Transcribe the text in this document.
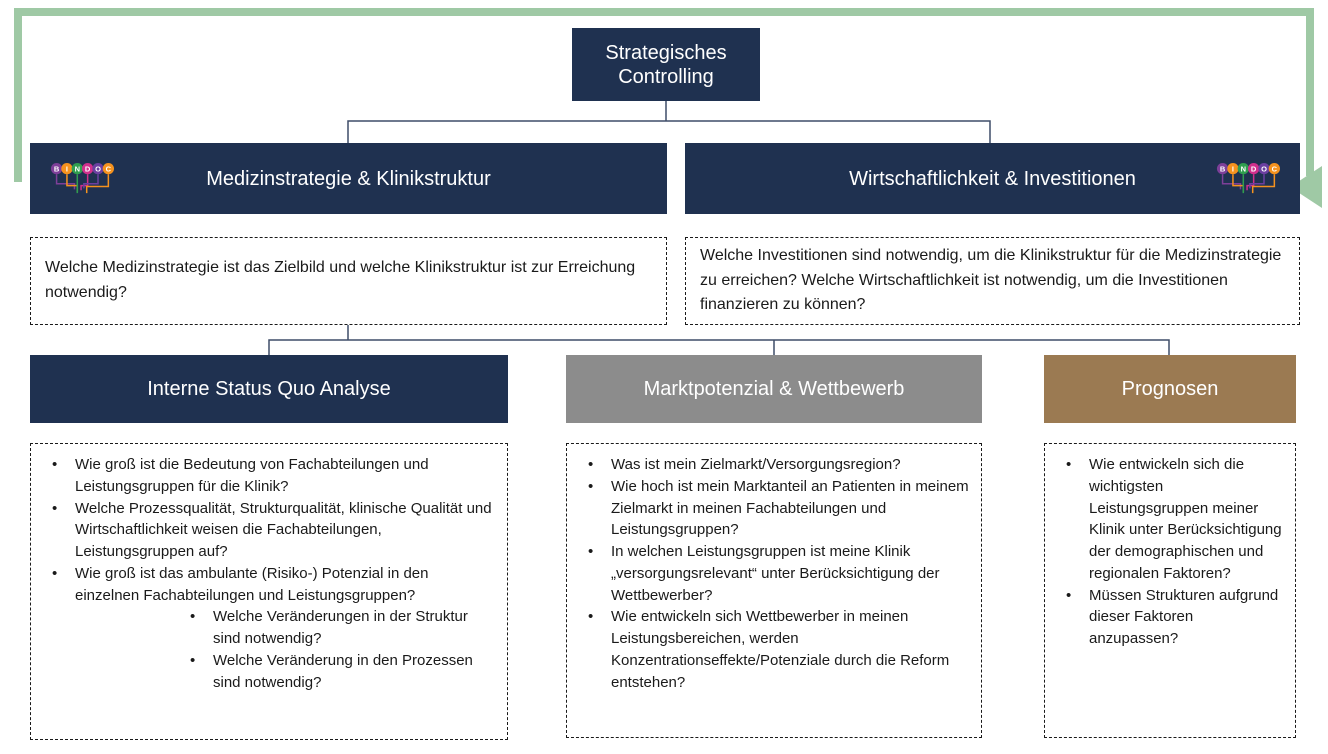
Strategisches Controlling
B I N D O C	Medizinstrategie & Klinikstruktur	Wirtschaftlichkeit & Investitionen	B I N D O C
Welche Medizinstrategie ist das Zielbild und welche Klinikstruktur ist zur Erreichung notwendig?
Welche Investitionen sind notwendig, um die Klinikstruktur für die Medizinstrategie zu erreichen? Welche Wirtschaftlichkeit ist notwendig, um die Investitionen finanzieren zu können?
Interne Status Quo Analyse	Marktpotenzial & Wettbewerb	Prognosen
• Wie groß ist die Bedeutung von Fachabteilungen und Leistungsgruppen für die Klinik?
• Welche Prozessqualität, Strukturqualität, klinische Qualität und Wirtschaftlichkeit weisen die Fachabteilungen, Leistungsgruppen auf?
• Wie groß ist das ambulante (Risiko-) Potenzial in den einzelnen Fachabteilungen und Leistungsgruppen?
• Welche Veränderungen in der Struktur sind notwendig?
• Welche Veränderung in den Prozessen sind notwendig?
• Was ist mein Zielmarkt/Versorgungsregion?
• Wie hoch ist mein Marktanteil an Patienten in meinem Zielmarkt in meinen Fachabteilungen und Leistungsgruppen?
• In welchen Leistungsgruppen ist meine Klinik „versorgungsrelevant“ unter Berücksichtigung der Wettbewerber?
• Wie entwickeln sich Wettbewerber in meinen Leistungsbereichen, werden Konzentrationseffekte/Potenziale durch die Reform entstehen?
• Wie entwickeln sich die wichtigsten Leistungsgruppen meiner Klinik unter Berücksichtigung der demographischen und regionalen Faktoren?
• Müssen Strukturen aufgrund dieser Faktoren anzupassen?
